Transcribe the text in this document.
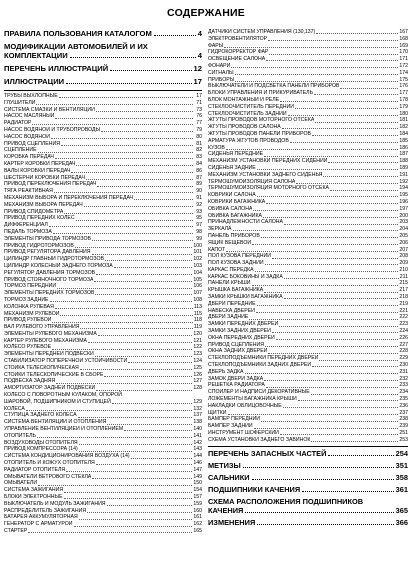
СОДЕРЖАНИЕ
ПРАВИЛА ПОЛЬЗОВАНИЯ КАТАЛОГОМ	4
МОДИФИКАЦИИ АВТОМОБИЛЕЙ И ИХ
КОМПЛЕКТАЦИИ	4
ПЕРЕЧЕНЬ ИЛЛЮСТРАЦИЙ	12
ИЛЛЮСТРАЦИИ	17
ТРУБЫ ВЫХЛОПНЫЕ	17
ГЛУШИТЕЛИ	71
СИСТЕМА СМАЗКИ И ВЕНТИЛЯЦИИ	73
НАСОС МАСЛЯНЫЙ	76
РАДИАТОР	77
НАСОС ВОДЯНОЙ И ТРУБОПРОВОДЫ	79
НАСОС ВОДЯНОЙ	80
ПРИВОД СЦЕПЛЕНИЯ	81
СЦЕПЛЕНИЕ	82
КОРОБКА ПЕРЕДАЧ	83
КАРТЕР КОРОБКИ ПЕРЕДАЧ	84
ВАЛЫ КОРОБКИ ПЕРЕДАЧ	86
ШЕСТЕРНИ КОРОБКИ ПЕРЕДАЧ	87
ПРИВОД ПЕРЕКЛЮЧЕНИЯ ПЕРЕДАЧ	89
ТЯГА РЕАКТИВНАЯ	90
МЕХАНИЗМ ВЫБОРА И ПЕРЕКЛЮЧЕНИЯ ПЕРЕДАЧ	91
МЕХАНИЗМ ВЫБОРА ПЕРЕДАЧ	92
ПРИВОД СПИДОМЕТРА	93
ПРИВОД ПЕРЕДНИХ КОЛЕС	95
ДИФФЕРЕНЦИАЛ	97
ПЕДАЛЬ ТОРМОЗА	98
ЭЛЕМЕНТЫ ПРИВОДА ТОРМОЗОВ	99
ПРИВОД ГИДРОТОРМОЗОВ	100
ПРИВОД РЕГУЛЯТОРА ДАВЛЕНИЯ	101
ЦИЛИНДР ГЛАВНЫЙ ГИДРОТОРМОЗОВ	102
ЦИЛИНДР КОЛЕСНЫЙ ЗАДНЕГО ТОРМОЗА	103
РЕГУЛЯТОР ДАВЛЕНИЯ ТОРМОЗОВ	104
ПРИВОД СТОЯНОЧНОГО ТОРМОЗА	105
ТОРМОЗ ПЕРЕДНИЙ	106
ЭЛЕМЕНТЫ ПЕРЕДНИХ ТОРМОЗОВ	107
ТОРМОЗ ЗАДНИЕ	108
КОЛОНКА РУЛЕВАЯ	113
МЕХАНИЗМ РУЛЕВОЙ	115
ПРИВОД РУЛЕВОЙ	118
ВАЛ РУЛЕВОГО УПРАВЛЕНИЯ	119
ЭЛЕМЕНТЫ РУЛЕВОГО МЕХАНИЗМА	120
КАРТЕР РУЛЕВОГО МЕХАНИЗМА	121
КОЛЕСО РУЛЕВОЕ	122
ЭЛЕМЕНТЫ ПЕРЕДНЕЙ ПОДВЕСКИ	123
СТАБИЛИЗАТОР ПОПЕРЕЧНОЙ УСТОЙЧИВОСТИ	124
СТОЙКА ТЕЛЕСКОПИЧЕСКАЯ	125
СТОЙКИ ТЕЛЕСКОПИЧЕСКИЕ В СБОРЕ	126
ПОДВЕСКА ЗАДНЯЯ	127
АМОРТИЗАТОР ЗАДНЕЙ ПОДВЕСКИ	128
КОЛЕСО С ПОВОРОТНЫМ КУЛАКОМ, ОПОРОЙ
ШАРОВОЙ, ПОДШИПНИКОМ И СТУПИЦЕЙ	129
КОЛЕСА	132
СТУПИЦА ЗАДНЕГО КОЛЕСА	137
СИСТЕМА ВЕНТИЛЯЦИИ И ОТОПЛЕНИЯ	138
УПРАВЛЕНИЕ ВЕНТИЛЯЦИЕЙ И ОТОПЛЕНИЕМ	140
ОТОПИТЕЛЬ	141
ВОЗДУХОВОДЫ ОТОПИТЕЛЯ	142
ПРИВОД КОМПРЕССОРА (14)	143
СИСТЕМА КОНДИЦИОНИРОВАНИЯ ВОЗДУХА (14)	144
ОТОПИТЕЛЬ И КОЖУХ ОТОПИТЕЛЯ	146
РАДИАТОР ОТОПИТЕЛЯ	147
ОМЫВАТЕЛИ ВЕТРОВОГО СТЕКЛА	149
ОМЫВАТЕЛИ	150
СИСТЕМА ЗАЖИГАНИЯ	154
БЛОКИ ЭЛЕКТРОННЫЕ	157
ВЫКЛЮЧАТЕЛЬ И МОДУЛЬ ЗАЖИГАНИЯ	159
РАСПРЕДЕЛИТЕЛЬ ЗАЖИГАНИЯ	160
БАТАРЕЯ АККУМУЛЯТОРНАЯ	161
ГЕНЕРАТОР С АРМАТУРОЙ	162
СТАРТЕР	165
ДАТЧИКИ СИСТЕМ УПРАВЛЕНИЯ (130,137)	167
ЭЛЕКТРОВЕНТИЛЯТОР	168
ФАРЫ	169
ГИДРОКОРРЕКТОР ФАР	170
ОСВЕЩЕНИЕ САЛОНА	171
ФОНАРИ	172
СИГНАЛЫ	174
ПРИБОРЫ	175
ВЫКЛЮЧАТЕЛИ И ПОДСВЕТКА ПАНЕЛИ ПРИБОРОВ	176
БЛОКИ УПРАВЛЕНИЯ И ПРИКУРИВАТЕЛЬ	177
БЛОК МОНТАЖНЫЙ И РЕЛЕ	178
СТЕКЛООЧИСТИТЕЛЬ ПЕРЕДНИЙ	179
СТЕКЛООЧИСТИТЕЛЬ ЗАДНИЙ	180
ЖГУТЫ ПРОВОДОВ МОТОРНОГО ОТСЕКА	181
ЖГУТЫ ПРОВОДОВ САЛОНА	182
ЖГУТЫ ПРОВОДОВ ПАНЕЛИ ПРИБОРОВ	184
АРМАТУРА ЖГУТОВ ПРОВОДОВ	185
КУЗОВ	186
СИДЕНЬЯ ПЕРЕДНИЕ	187
МЕХАНИЗМ УСТАНОВКИ ПЕРЕДНИХ СИДЕНИЙ	188
СИДЕНЬЯ ЗАДНИЕ	189
МЕХАНИЗМ УСТАНОВКИ ЗАДНЕГО СИДЕНЬЯ	191
ТЕРМОШУМОИЗОЛЯЦИЯ САЛОНА	192
ТЕРМОШУМОИЗОЛЯЦИЯ МОТОРНОГО ОТСЕКА	194
КОВРИКИ САЛОНА	195
КОВРИКИ БАГАЖНИКА	196
ОБИВКА САЛОНА	197
ОБИВКА БАГАЖНИКА	200
ПРИНАДЛЕЖНОСТИ САЛОНА	203
ЗЕРКАЛА	204
ПАНЕЛЬ ПРИБОРОВ	205
ЯЩИК ВЕЩЕВОЙ	206
КАПОТ	207
ПОЛ КУЗОВА ПЕРЕДНИЙ	208
ПОЛ КУЗОВА ЗАДНИЙ	209
КАРКАС ПЕРЕДКА	210
КАРКАС БОКОВИНЫ И ЗАДКА	211
ПАНЕЛИ КРЫШИ	215
КРЫШКА БАГАЖНИКА	217
ЗАМКИ КРЫШКИ БАГАЖНИКА	218
ДВЕРИ ПЕРЕДНИЕ	219
НАВЕСКА ДВЕРЕЙ	221
ДВЕРИ ЗАДНИЕ	222
ЗАМКИ ПЕРЕДНИХ ДВЕРЕЙ	223
ЗАМКИ ЗАДНИХ ДВЕРЕЙ	224
ОКНА ПЕРЕДНИХ ДВЕРЕЙ	226
ПРИВОД СЦЕПЛЕНИЯ	227
ОКНА ЗАДНИХ ДВЕРЕЙ	228
СТЕКЛОПОДЪЕМНИКИ ПЕРЕДНИХ ДВЕРЕЙ	229
СТЕКЛОПОДЪЕМНИКИ ЗАДНИХ ДВЕРЕЙ	230
ДВЕРЬ ЗАДКА	231
ЗАМОК ДВЕРИ ЗАДКА	232
РЕШЕТКА РАДИАТОРА	233
СПОЙЛЕР И НАДПИСИ ДЕКОРАТИВНЫЕ	234
ЛОЖЕМЕНТЫ БАГАЖНИКА КРЫШИ	235
НАКЛАДКИ ОБЛИЦОВОЧНЫЕ	236
ЩИТКИ	237
БАМПЕР ПЕРЕДНИЙ	238
БАМПЕР ЗАДНИЙ	239
ИНСТРУМЕНТ ШОФЕРСКИЙ	251
СХЕМА УСТАНОВКИ ЗАДНЕГО ЗАВИНОК	253
ПЕРЕЧЕНЬ ЗАПАСНЫХ ЧАСТЕЙ	254
МЕТИЗЫ	351
САЛЬНИКИ	358
ПОДШИПНИКИ КАЧЕНИЯ	361
СХЕМА РАСПОЛОЖЕНИЯ ПОДШИПНИКОВ
КАЧЕНИЯ	365
ИЗМЕНЕНИЯ	366
